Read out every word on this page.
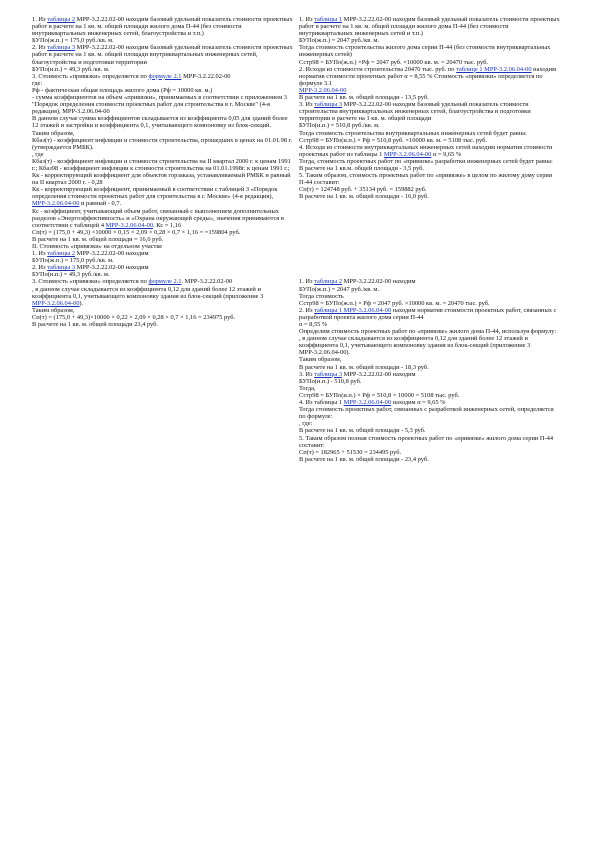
1. Из таблицы 2 МРР-3.2.22.02-00 находим базовый удельный показатель стоимости проектных работ в расчете на 1 кв. м. общей площади жилого дома П-44 (без стоимости внутриквартальных инженерных сетей, благоустройства и т.п.)
БУПо(ж.п.) = 175,0 руб./кв. м.
2. Из таблицы 3 МРР-3.2.22.02-00 находим базовый удельный показатель стоимости проектных работ в расчете на 1 кв. м. общей площади внутриквартальных инженерных сетей, благоустройства и подготовки территории
БУПо(и.п.) = 49,3 руб./кв. м.
3. Стоимость «привязки» определяется по формуле 2.1 МРР-3.2.22.02-00
где:
Рф - фактическая общая площадь жилого дома (Рф = 10000 кв. м.)
- сумма коэффициентов на объем «привязки», принимаемых в соответствии с приложением 3 "Порядок определения стоимости проектных работ для строительства в г. Москве" (4-я редакция), МРР-3.2.06.04-00
В данном случае сумма коэффициентов складывается из коэффициента 0,05 для зданий более 12 этажей и застройки и коэффициента 0,1, учитывающего компоновку из блок-секций.
Таким образом,
Кбаз(т) - коэффициент инфляции и стоимости строительства, прошедших в ценах на 01.01.98 г. (утверждается РМБК).
, где
Кбаз(т) - коэффициент инфляции и стоимости строительства на II квартал 2000 г. к ценам 1991 г.; Кбаз98 - коэффициент инфляции к стоимости строительства на 01.01.1998г. к ценам 1991 г.;
Кк - корректирующий коэффициент для объектов горзаказа, устанавливаемый РМБК и равный на II квартал 2000 г. - 0,28
Кк - корректирующий коэффициент, принимаемый в соответствии с таблицей 3 «Порядок определения стоимости проектных работ для строительства в г. Москве» (4-я редакция), МРР-3.2.06.04-00 и равный - 0,7.
Кс - коэффициент, учитывающий объем работ, связанный с выполнением дополнительных разделов «Энергоэффективность» и «Охрана окружающей среды», значения принимаются в соответствии с таблицей 4 МРР-3.2.06.04-00. Кс = 1,16
Сп(т) = (175,0 + 49,3) ×10000 × 0,15 × 2,09 × 0,28 × 0,7 × 1,16 = =159804 руб.
В расчете на 1 кв. м. общей площади = 16,0 руб.
II. Стоимость «привязки» на отдельном участке
1. Из таблицы 2 МРР-3.2.22.02-00 находим
БУПо(ж.п.) = 175,0 руб./кв. м.
2. Из таблицы 3 МРР-3.2.22.02-00 находим
БУПо(и.п.) = 49,3 руб./кв. м.
3. Стоимость «привязки» определяется по формуле 2.1. МРР-3.2.22.02-00

, в данном случае складывается из коэффициента 0,12 для зданий более 12 этажей и коэффициента 0,1, учитывающего компоновку здания из блок-секций (приложение 3
МРР-3.2.06.04-00).
Таким образом,
Сп(т) = (175,0 + 49,3)×10000 × 0,22 × 2,09 × 0,28 × 0,7 × 1,16 = 234975 руб.
В расчете на 1 кв. м. общей площади 23,4 руб.
1. Из таблицы 1 МРР-3.2.22.02-00 находим базовый удельный показатель стоимости проектных работ в расчете на 1 кв. м. общей площади жилого дома П-44 (без стоимости внутриквартальных инженерных сетей и т.п.)
БУПо(ж.п.) = 2047 руб./кв. м.
Тогда стоимость строительства жилого дома серии П-44 (без стоимости внутриквартальных инженерных сетей)
Сстр98 = БУПо(ж.п.) ×Рф = 2047 руб. ×10000 кв. м. = 20470 тыс. руб.
2. Исходя из стоимости строительства 20470 тыс. руб. по таблице 1 МРР-3.2.06.04-00 находим норматив стоимости проектных работ α = 8,55 % Стоимость «привязки» определяется по формуле 3.1
МРР-3.2.06.04-00
В расчете на 1 кв. м. общей площади - 13,5 руб.
3. Из таблицы 3 МРР-3.2.22.02-00 находим базовый удельный показатель стоимости строительства внутриквартальных инженерных сетей, благоустройства и подготовки территории в расчете на 1 кв. м. общей площади
БУПо(и.п.) = 510,8 руб./кв. м.
Тогда стоимость строительства внутриквартальных инженерных сетей будет равна:
Сстр98 = БУПо(и.п.) × Рф = 510,8 руб. ×10000 кв. м. = 5108 тыс. руб.
4. Исходя из стоимости внутриквартальных инженерных сетей находим норматив стоимости проектных работ из таблицы 1 МРР-3.2.06.04-00 α = 9,65 %
Тогда, стоимость проектных работ по «привязке» разработки инженерных сетей будет равна:
В расчете на 1 кв.м. общей площади - 3,5 руб.
5. Таким образом, стоимость проектных работ по «привязке» в целом по жилому дому серии П-44 составит:
Сп(т) = 124748 руб. + 35134 руб. = 159882 руб.
В расчете на 1 кв. м. общей площади - 16,0 руб.
1. Из таблицы 2 МРР-3.2.22.02-00 находим
БУПо(ж.п.) = 2047 руб./кв. м.
Тогда стоимость
Сстр98 = БУПо(ж.п.) × Рф = 2047 руб. ×10000 кв. м. = 20470 тыс. руб.
2. Из таблицы 1 МРР-3.2.06.04-00 находим норматив стоимости проектных работ, связанных с разработкой проекта жилого дома серии П-44
α = 8,55 %
Определим стоимость проектных работ по «привязке» жилого дома П-44, используя формулу:
, в данном случае складывается из коэффициента 0,12 для зданий более 12 этажей и коэффициента 0,1, учитывающего компоновку здания из блок-секций (приложение 3 МРР-3.2.06.04-00).
Таким образом,
В расчете на 1 кв. м. общей площади - 18,3 руб.
3. Из таблицы 3 МРР-3.2.22.02-00 находим
БУПо(и.п.) - 510,8 руб.
Тогда,
Сстр98 = БУПо(и.п.) × Рф = 510,8 × 10000 = 5108 тыс. руб.
4. Из таблицы 1 МРР-3.2.06.04-00 находим α = 9,65 %
Тогда стоимость проектных работ, связанных с разработкой инженерных сетей, определяется по формуле:
, где:
В расчете на 1 кв. м. общей площади - 5,3 руб.
5. Таким образом полная стоимость проектных работ по «привязке» жилого дома серии П-44 составит:
Сп(т) = 182965 + 51530 = 234495 руб.
В расчете на 1 кв. м. общей площади - 23,4 руб.
